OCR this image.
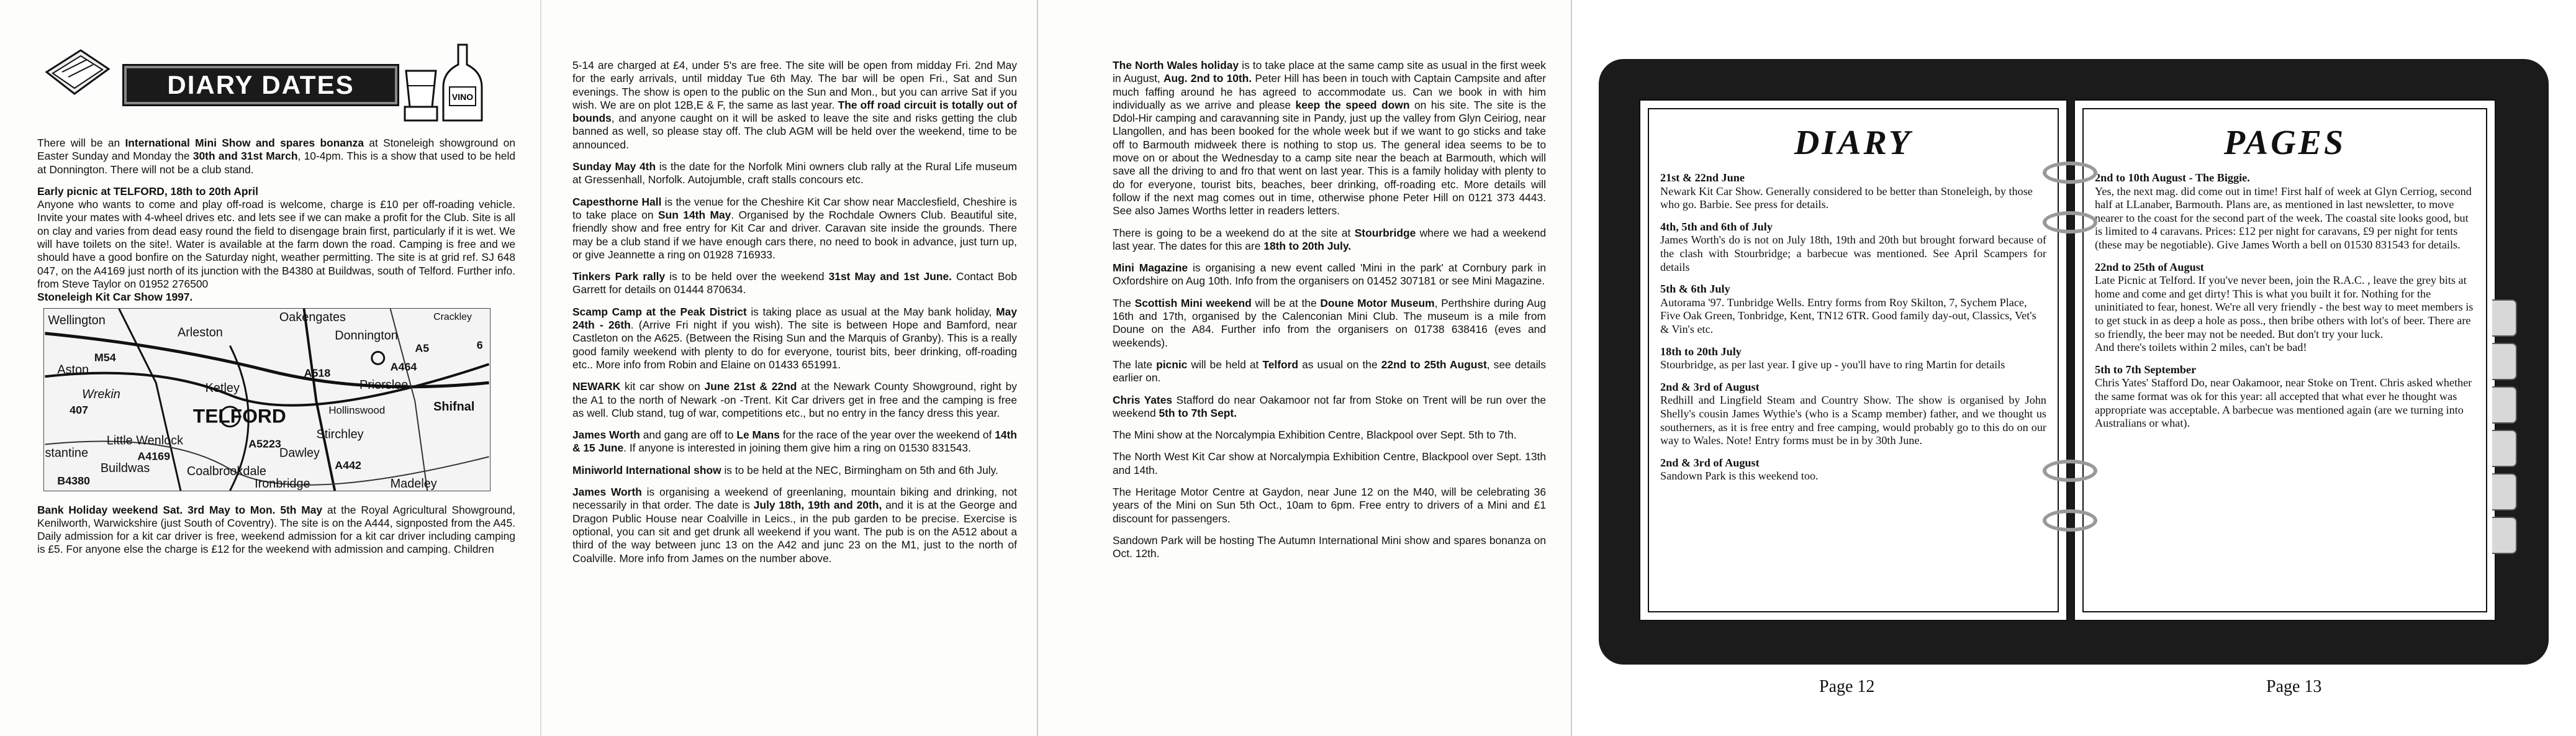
DIARY DATES	VINO

There will be an International Mini Show and spares bonanza at Stoneleigh showground on Easter Sunday and Monday the 30th and 31st March, 10-4pm. This is a show that used to be held at Donnington. There will not be a club stand.

Early picnic at TELFORD, 18th to 20th April
Anyone who wants to come and play off-road is welcome, charge is £10 per off-roading vehicle. Invite your mates with 4-wheel drives etc. and lets see if we can make a profit for the Club. Site is all on clay and varies from dead easy round the field to disengage brain first, particularly if it is wet. We will have toilets on the site!. Water is available at the farm down the road. Camping is free and we should have a good bonfire on the Saturday night, weather permitting. The site is at grid ref. SJ 648 047, on the A4169 just north of its junction with the B4380 at Buildwas, south of Telford. Further info. from Steve Taylor on 01952 276500
Stoneleigh Kit Car Show 1997.

Wellington
Arleston
Oakengates
Aston
Wrekin	Ketley
TELFORD
Little Wenlock
Coalbrookdale
Ironbridge	Madeley
Buildwas
Shifnal
Stirchley
Dawley
Priorslee
Donnington
Hollinswood
stantine
Crackley
M54
A5
A442
A4169
B4380
A464
A518
407
A5223
6

Bank Holiday weekend Sat. 3rd May to Mon. 5th May at the Royal Agricultural Showground, Kenilworth, Warwickshire (just South of Coventry). The site is on the A444, signposted from the A45. Daily admission for a kit car driver is free, weekend admission for a kit car driver including camping is £5. For anyone else the charge is £12 for the weekend with admission and camping. Children

5-14 are charged at £4, under 5's are free. The site will be open from midday Fri. 2nd May for the early arrivals, until midday Tue 6th May. The bar will be open Fri., Sat and Sun evenings. The show is open to the public on the Sun and Mon., but you can arrive Sat if you wish. We are on plot 12B,E & F, the same as last year. The off road circuit is totally out of bounds, and anyone caught on it will be asked to leave the site and risks getting the club banned as well, so please stay off. The club AGM will be held over the weekend, time to be announced.

Sunday May 4th is the date for the Norfolk Mini owners club rally at the Rural Life museum at Gressenhall, Norfolk. Autojumble, craft stalls concours etc.

Capesthorne Hall is the venue for the Cheshire Kit Car show near Macclesfield, Cheshire is to take place on Sun 14th May. Organised by the Rochdale Owners Club. Beautiful site, friendly show and free entry for Kit Car and driver. Caravan site inside the grounds. There may be a club stand if we have enough cars there, no need to book in advance, just turn up, or give Jeannette a ring on 01928 716933.

Tinkers Park rally is to be held over the weekend 31st May and 1st June. Contact Bob Garrett for details on 01444 870634.

Scamp Camp at the Peak District is taking place as usual at the May bank holiday, May 24th - 26th. (Arrive Fri night if you wish). The site is between Hope and Bamford, near Castleton on the A625. (Between the Rising Sun and the Marquis of Granby). This is a really good family weekend with plenty to do for everyone, tourist bits, beer drinking, off-roading etc.. More info from Robin and Elaine on 01433 651991.

NEWARK kit car show on June 21st & 22nd at the Newark County Showground, right by the A1 to the north of Newark -on -Trent. Kit Car drivers get in free and the camping is free as well. Club stand, tug of war, competitions etc., but no entry in the fancy dress this year.

James Worth and gang are off to Le Mans for the race of the year over the weekend of 14th & 15 June. If anyone is interested in joining them give him a ring on 01530 831543.

Miniworld International show is to be held at the NEC, Birmingham on 5th and 6th July.

James Worth is organising a weekend of greenlaning, mountain biking and drinking, not necessarily in that order. The date is July 18th, 19th and 20th, and it is at the George and Dragon Public House near Coalville in Leics., in the pub garden to be precise. Exercise is optional, you can sit and get drunk all weekend if you want. The pub is on the A512 about a third of the way between junc 13 on the A42 and junc 23 on the M1, just to the north of Coalville. More info from James on the number above.

The North Wales holiday is to take place at the same camp site as usual in the first week in August, Aug. 2nd to 10th. Peter Hill has been in touch with Captain Campsite and after much faffing around he has agreed to accommodate us. Can we book in with him individually as we arrive and please keep the speed down on his site. The site is the Ddol-Hir camping and caravanning site in Pandy, just up the valley from Glyn Ceiriog, near Llangollen, and has been booked for the whole week but if we want to go sticks and take off to Barmouth midweek there is nothing to stop us. The general idea seems to be to move on or about the Wednesday to a camp site near the beach at Barmouth, which will save all the driving to and fro that went on last year. This is a family holiday with plenty to do for everyone, tourist bits, beaches, beer drinking, off-roading etc. More details will follow if the next mag comes out in time, otherwise phone Peter Hill on 0121 373 4443. See also James Worths letter in readers letters.

There is going to be a weekend do at the site at Stourbridge where we had a weekend last year. The dates for this are 18th to 20th July.

Mini Magazine is organising a new event called 'Mini in the park' at Cornbury park in Oxfordshire on Aug 10th. Info from the organisers on 01452 307181 or see Mini Magazine.

The Scottish Mini weekend will be at the Doune Motor Museum, Perthshire during Aug 16th and 17th, organised by the Calenconian Mini Club. The museum is a mile from Doune on the A84. Further info from the organisers on 01738 638416 (eves and weekends).

The late picnic will be held at Telford as usual on the 22nd to 25th August, see details earlier on.

Chris Yates Stafford do near Oakamoor not far from Stoke on Trent will be run over the weekend 5th to 7th Sept.

The Mini show at the Norcalympia Exhibition Centre, Blackpool over Sept. 5th to 7th.

The North West Kit Car show at Norcalympia Exhibition Centre, Blackpool over Sept. 13th and 14th.

The Heritage Motor Centre at Gaydon, near June 12 on the M40, will be celebrating 36 years of the Mini on Sun 5th Oct., 10am to 6pm. Free entry to drivers of a Mini and £1 discount for passengers.

Sandown Park will be hosting The Autumn International Mini show and spares bonanza on Oct. 12th.

DIARY

21st & 22nd June
Newark Kit Car Show. Generally considered to be better than Stoneleigh, by those who go. Barbie. See press for details.

4th, 5th and 6th of July
James Worth's do is not on July 18th, 19th and 20th but brought forward because of the clash with Stourbridge; a barbecue was mentioned. See April Scampers for details

5th & 6th July
Autorama '97. Tunbridge Wells. Entry forms from Roy Skilton, 7, Sychem Place, Five Oak Green, Tonbridge, Kent, TN12 6TR. Good family day-out, Classics, Vet's & Vin's etc.

18th to 20th July
Stourbridge, as per last year. I give up - you'll have to ring Martin for details

2nd & 3rd of August
Redhill and Lingfield Steam and Country Show. The show is organised by John Shelly's cousin James Wythie's (who is a Scamp member) father, and we thought us southerners, as it is free entry and free camping, would probably go to this do on our way to Wales. Note! Entry forms must be in by 30th June.

2nd & 3rd of August
Sandown Park is this weekend too.

PAGES

2nd to 10th August - The Biggie.
Yes, the next mag. did come out in time! First half of week at Glyn Cerriog, second half at LLanaber, Barmouth. Plans are, as mentioned in last newsletter, to move nearer to the coast for the second part of the week. The coastal site looks good, but is limited to 4 caravans. Prices: £12 per night for caravans, £9 per night for tents (these may be negotiable). Give James Worth a bell on 01530 831543 for details.

22nd to 25th of August
Late Picnic at Telford. If you've never been, join the R.A.C. , leave the grey bits at home and come and get dirty! This is what you built it for. Nothing for the uninitiated to fear, honest. We're all very friendly - the best way to meet members is to get stuck in as deep a hole as poss., then bribe others with lot's of beer. There are so friendly, the beer may not be needed. But don't try your luck.
And there's toilets within 2 miles, can't be bad!

5th to 7th September
Chris Yates' Stafford Do, near Oakamoor, near Stoke on Trent. Chris asked whether the same format was ok for this year: all accepted that what ever he thought was appropriate was acceptable. A barbecue was mentioned again (are we turning into Australians or what).

Page 12	Page 13
